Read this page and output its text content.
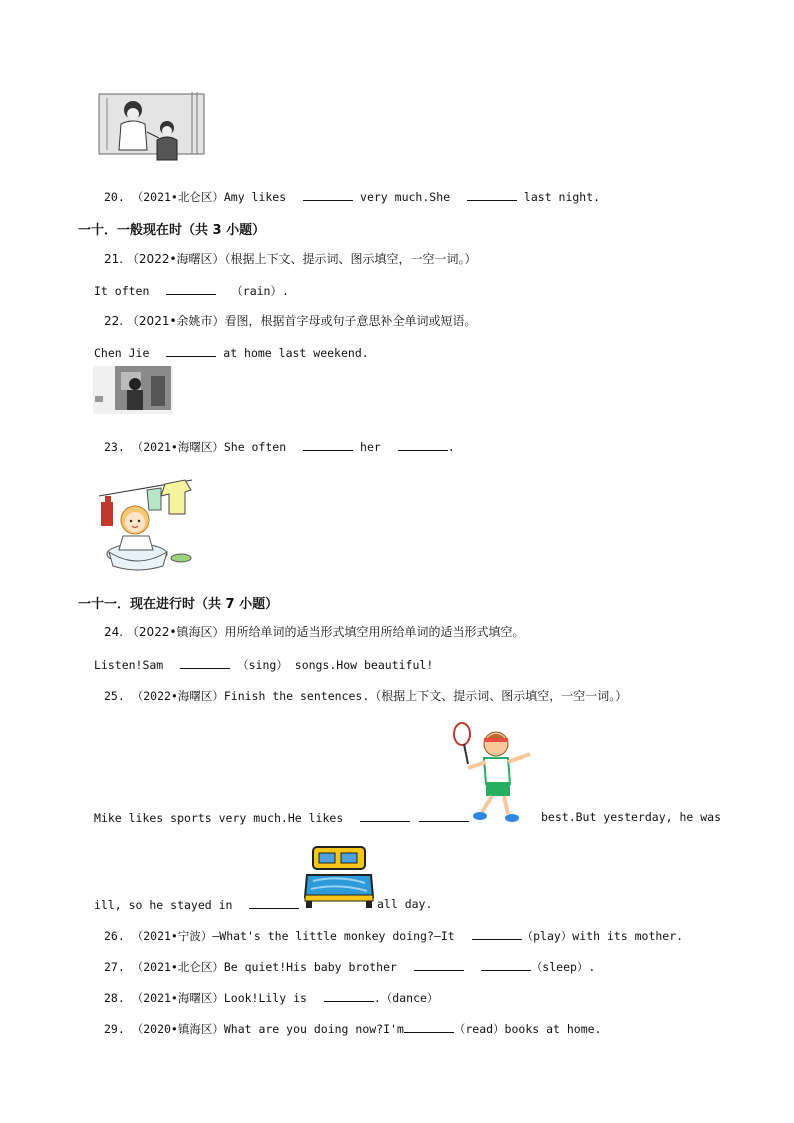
20. （2021•北仑区）Amy likes	very much.She	last night.
一十．一般现在时（共 3 小题）
21. （2022•海曙区）（根据上下文、提示词、图示填空，一空一词。）
It often	（rain）.
22. （2021•余姚市）看图，根据首字母或句子意思补全单词或短语。
Chen Jie	at home last weekend.
23. （2021•海曙区）She often	her	.
一十一．现在进行时（共 7 小题）
24. （2022•镇海区）用所给单词的适当形式填空用所给单词的适当形式填空。
Listen!Sam	（sing） songs.How beautiful!
25. （2022•海曙区）Finish the sentences.（根据上下文、提示词、图示填空，一空一词。）
Mike likes sports very much.He likes	best.But yesterday, he was
ill, so he stayed in	all day.
26. （2021•宁波）–What's the little monkey doing?–It	（play）with its mother.
27. （2021•北仑区）Be quiet!His baby brother	（sleep）.
28. （2021•海曙区）Look!Lily is	.（dance）
29. （2020•镇海区）What are you doing now?I'm	（read）books at home.
